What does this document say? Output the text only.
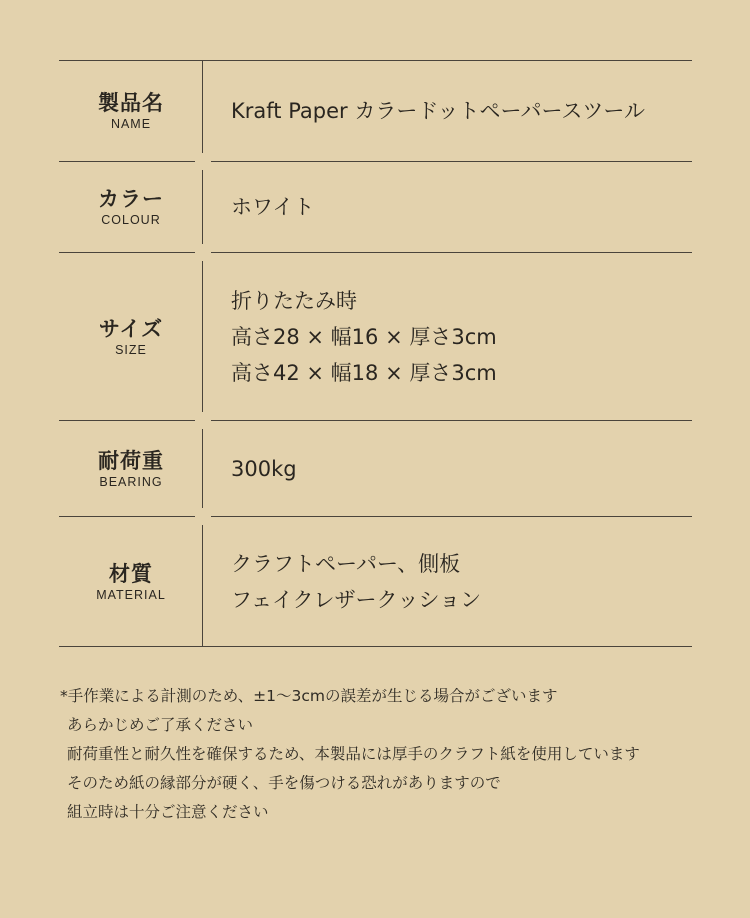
製品名
NAME
Kraft Paper カラードットペーパースツール
カラー
COLOUR
ホワイト
サイズ
SIZE
折りたたみ時
高さ28 × 幅16 × 厚さ3cm
高さ42 × 幅18 × 厚さ3cm
耐荷重
BEARING
300kg
材質
MATERIAL
クラフトペーパー、側板
フェイクレザークッション
*手作業による計測のため、±1～3cmの誤差が生じる場合がございます
あらかじめご了承ください
耐荷重性と耐久性を確保するため、本製品には厚手のクラフト紙を使用しています
そのため紙の縁部分が硬く、手を傷つける恐れがありますので
組立時は十分ご注意ください
